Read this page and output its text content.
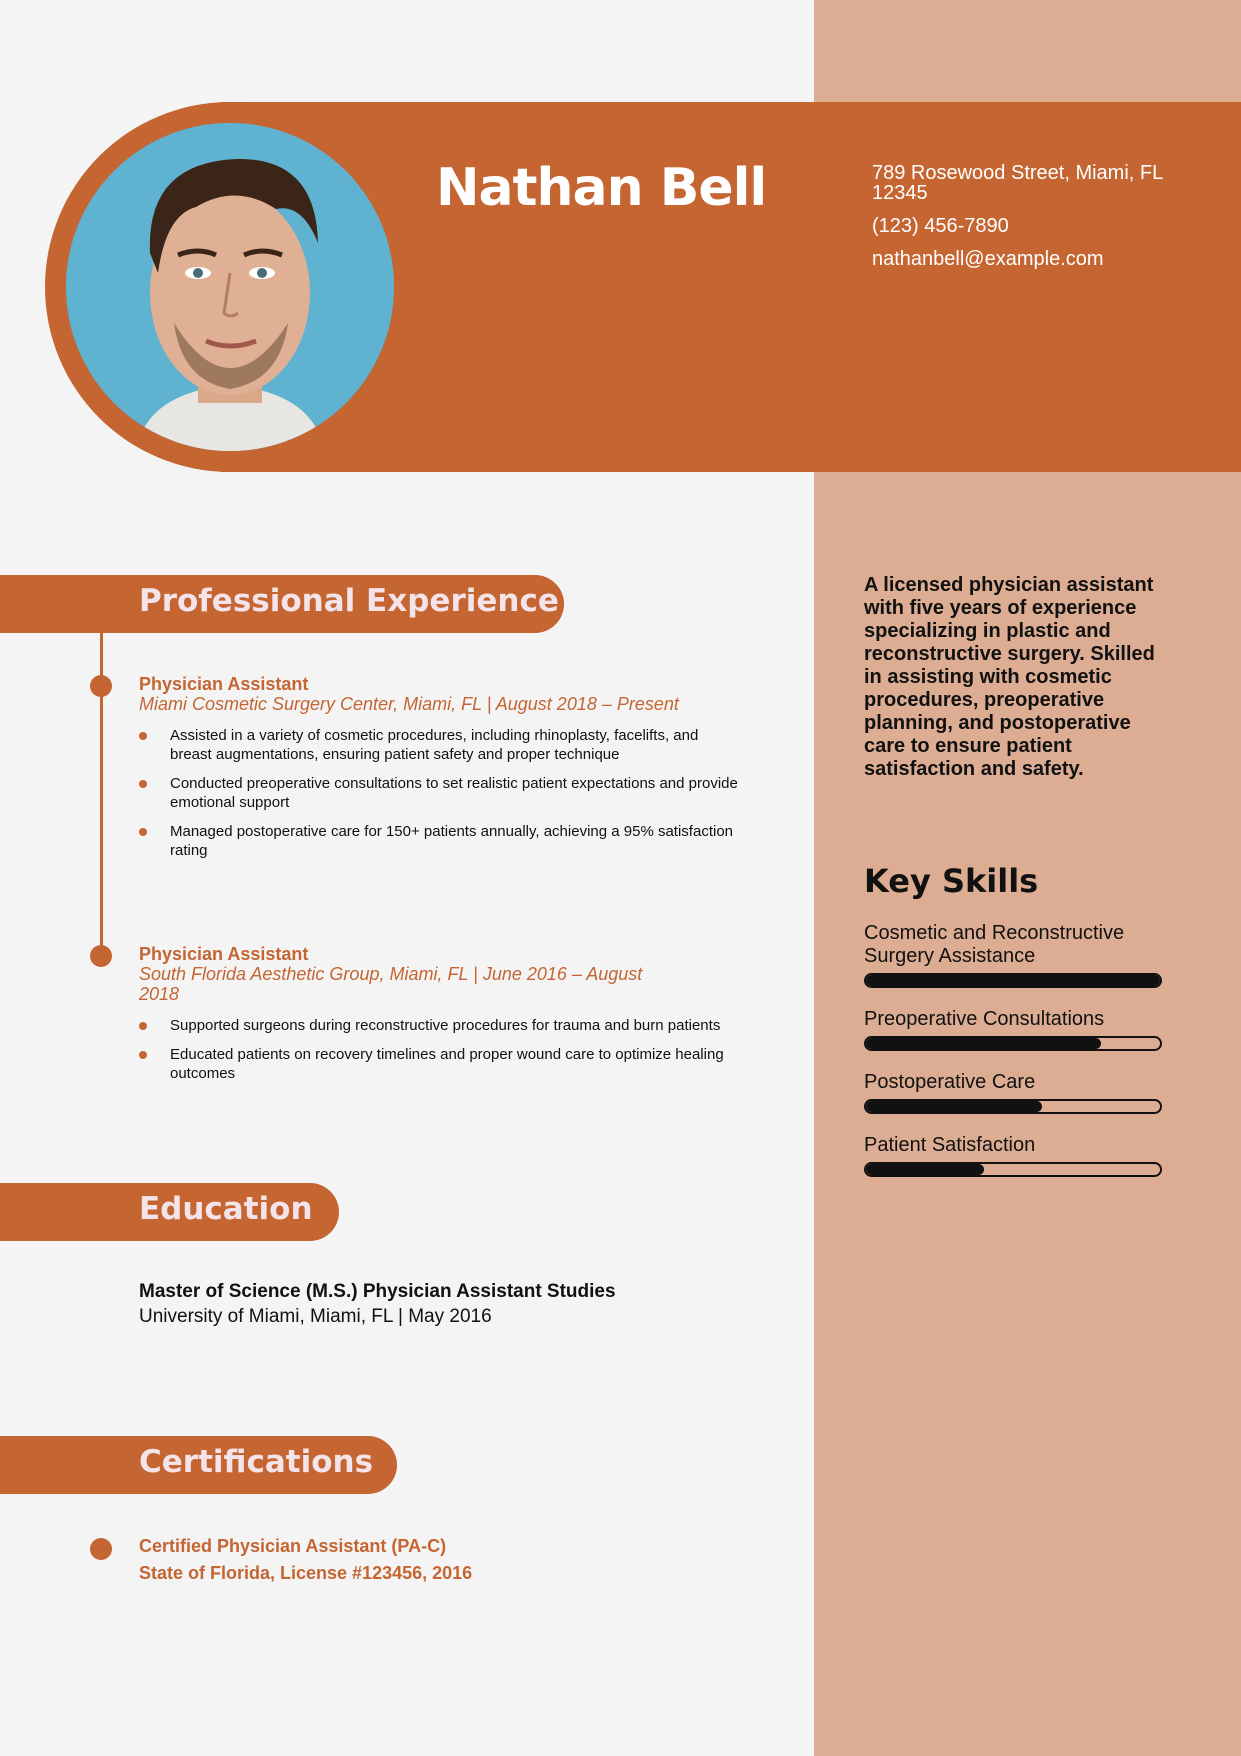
Nathan Bell	789 Rosewood Street, Miami, FL 12345
(123) 456-7890
nathanbell@example.com
Professional Experience
Physician Assistant
Miami Cosmetic Surgery Center, Miami, FL | August 2018 – Present
Assisted in a variety of cosmetic procedures, including rhinoplasty, facelifts, and breast augmentations, ensuring patient safety and proper technique
Conducted preoperative consultations to set realistic patient expectations and provide emotional support
Managed postoperative care for 150+ patients annually, achieving a 95% satisfaction rating
Physician Assistant
South Florida Aesthetic Group, Miami, FL | June 2016 – August 2018
Supported surgeons during reconstructive procedures for trauma and burn patients
Educated patients on recovery timelines and proper wound care to optimize healing outcomes
Education
Master of Science (M.S.) Physician Assistant Studies
University of Miami, Miami, FL | May 2016
Certifications
Certified Physician Assistant (PA-C)
State of Florida, License #123456, 2016
A licensed physician assistant with five years of experience specializing in plastic and reconstructive surgery. Skilled in assisting with cosmetic procedures, preoperative planning, and postoperative care to ensure patient satisfaction and safety.
Key Skills
Cosmetic and Reconstructive Surgery Assistance
Preoperative Consultations
Postoperative Care
Patient Satisfaction
